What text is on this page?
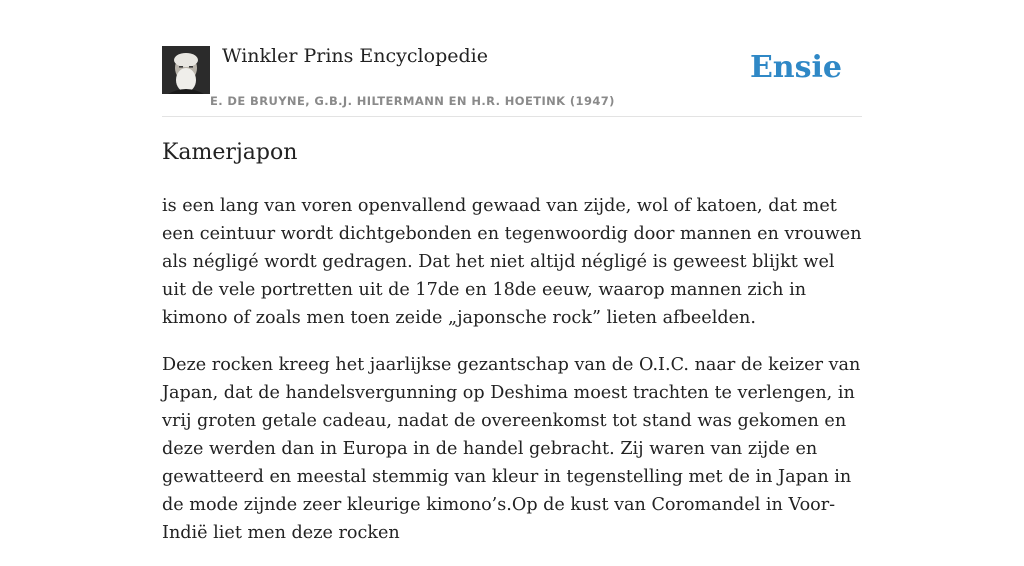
Winkler Prins Encyclopedie
E. DE BRUYNE, G.B.J. HILTERMANN EN H.R. HOETINK (1947)
Ensie
Kamerjapon

is een lang van voren openvallend gewaad van zijde, wol of katoen, dat met een ceintuur wordt dichtgebonden en tegenwoordig door mannen en vrouwen als négligé wordt gedragen. Dat het niet altijd négligé is geweest blijkt wel uit de vele portretten uit de 17de en 18de eeuw, waarop mannen zich in kimono of zoals men toen zeide „japonsche rock” lieten afbeelden.

Deze rocken kreeg het jaarlijkse gezantschap van de O.I.C. naar de keizer van Japan, dat de handelsvergunning op Deshima moest trachten te verlengen, in vrij groten getale cadeau, nadat de overeenkomst tot stand was gekomen en deze werden dan in Europa in de handel gebracht. Zij waren van zijde en gewatteerd en meestal stemmig van kleur in tegenstelling met de in Japan in de mode zijnde zeer kleurige kimono’s.Op de kust van Coromandel in Voor-Indië liet men deze rocken
